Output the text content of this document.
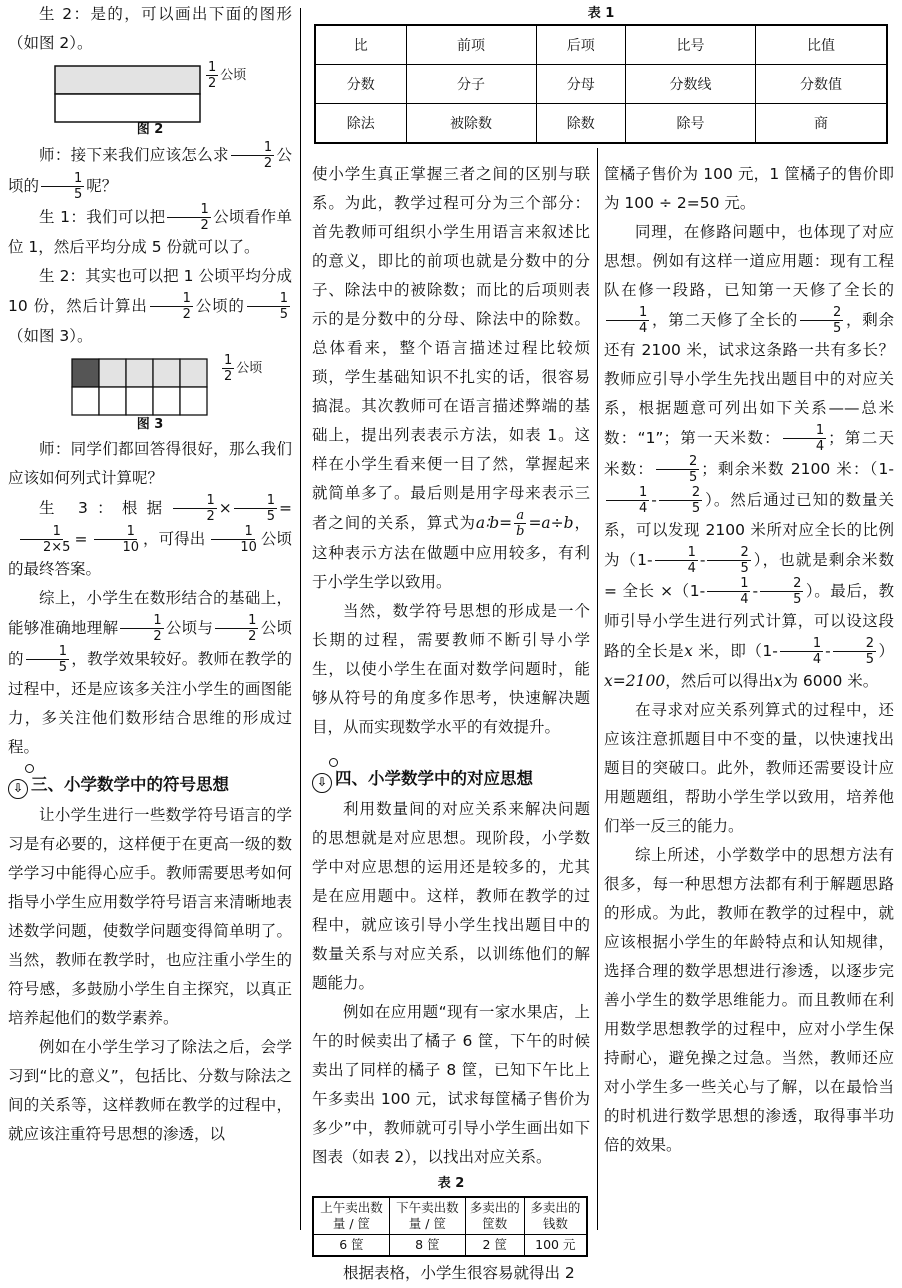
生 2：是的，可以画出下面的图形（如图 2）。

$\frac{1}{2}$ 公顷
图 2

师：接下来我们应该怎么求 $\frac{1}{2}$ 公顷的 $\frac{1}{5}$ 呢？

生 1：我们可以把 $\frac{1}{2}$ 公顷看作单位 1，然后平均分成 5 份就可以了。

生 2：其实也可以把 1 公顷平均分成 10 份，然后计算出 $\frac{1}{2}$ 公顷的 $\frac{1}{5}$
（如图 3）。

$\frac{1}{2}$ 公顷
图 3

师：同学们都回答得很好，那么我们应该如何列式计算呢？

生 3：根据 $\frac{1}{2} \times \frac{1}{5}$ =
$\frac{1}{2\times 5} = \frac{1}{10}$ ，可得出 $\frac{1}{10}$ 公顷的最终答案。

综上，小学生在数形结合的基础上，能够准确地理解 $\frac{1}{2}$ 公顷与 $\frac{1}{2}$ 公顷的 $\frac{1}{5}$ ，教学效果较好。教师在教学的过程中，还是应该多关注小学生的画图能力，多关注他们数形结合思维的形成过程。

⇩ 三、小学数学中的符号思想

让小学生进行一些数学符号语言的学习是有必要的，这样便于在更高一级的数学学习中能得心应手。教师需要思考如何指导小学生应用数学符号语言来清晰地表述数学问题，使数学问题变得简单明了。当然，教师在教学时，也应注重小学生的符号感，多鼓励小学生自主探究，以真正培养起他们的数学素养。

例如在小学生学习了除法之后，会学习到“比的意义”，包括比、分数与除法之间的关系等，这样教师在教学的过程中，就应该注重符号思想的渗透，以

表 1
比	前项	后项	比号	比值
分数	分子	分母	分数线	分数值
除法	被除数	除数	除号	商

使小学生真正掌握三者之间的区别与联系。为此，教学过程可分为三个部分：首先教师可组织小学生用语言来叙述比的意义，即比的前项也就是分数中的分子、除法中的被除数；而比的后项则表示的是分数中的分母、除法中的除数。总体看来，整个语言描述过程比较烦琐，学生基础知识不扎实的话，很容易搞混。其次教师可在语言描述弊端的基础上，提出列表表示方法，如表 1。这样在小学生看来便一目了然，掌握起来就简单多了。最后则是用字母来表示三者之间的关系，算式为a∶b= $\frac{a}{b} =a\div b$，这种表示方法在做题中应用较多，有利于小学生学以致用。

当然，数学符号思想的形成是一个长期的过程，需要教师不断引导小学生，以使小学生在面对数学问题时，能够从符号的角度多作思考，快速解决题目，从而实现数学水平的有效提升。

⇩ 四、小学数学中的对应思想

利用数量间的对应关系来解决问题的思想就是对应思想。现阶段，小学数学中对应思想的运用还是较多的，尤其是在应用题中。这样，教师在教学的过程中，就应该引导小学生找出题目中的数量关系与对应关系，以训练他们的解题能力。

例如在应用题“现有一家水果店，上午的时候卖出了橘子 6 筐，下午的时候卖出了同样的橘子 8 筐，已知下午比上午多卖出 100 元，试求每筐橘子售价为多少”中，教师就可引导小学生画出如下图表（如表 2），以找出对应关系。

表 2
上午卖出数量 / 筐	下午卖出数量 / 筐	多卖出的筐数	多卖出的钱数
6 筐	8 筐	2 筐	100 元

根据表格，小学生很容易就得出 2

筐橘子售价为 100 元，1 筐橘子的售价即为 100 ÷ 2=50 元。

同理，在修路问题中，也体现了对应思想。例如有这样一道应用题：现有工程队在修一段路，已知第一天修了全长的
$\frac{1}{4}$ ，第二天修了全长的 $\frac{2}{5}$ ，剩余还有 2100 米，试求这条路一共有多长？教师应引导小学生先找出题目中的对应关系，根据题意可列出如下关系——总米数：“1”；第一天米数： $\frac{1}{4}$ ；第二天米数： $\frac{2}{5}$ ；剩余米数 2100 米：（1-
$\frac{1}{4} - \frac{2}{5}$ ）。然后通过已知的数量关系，可以发现 2100 米所对应全长的比例为（$1- \frac{1}{4} - \frac{2}{5}$ ），也就是剩余米数 = 全长 $\times(1- \frac{1}{4} - \frac{2}{5}$ ）。最后，教师引导小学生进行列式计算，可以设这段路的全长是x 米，即$(1- \frac{1}{4} - \frac{2}{5} )x=2100$，然后可以得出x为 6000 米。

在寻求对应关系列算式的过程中，还应该注意抓题目中不变的量，以快速找出题目的突破口。此外，教师还需要设计应用题题组，帮助小学生学以致用，培养他们举一反三的能力。

综上所述，小学数学中的思想方法有很多，每一种思想方法都有利于解题思路的形成。为此，教师在教学的过程中，就应该根据小学生的年龄特点和认知规律，选择合理的数学思想进行渗透，以逐步完善小学生的数学思维能力。而且教师在利用数学思想教学的过程中，应对小学生保持耐心，避免操之过急。当然，教师还应对小学生多一些关心与了解，以在最恰当的时机进行数学思想的渗透，取得事半功倍的效果。
